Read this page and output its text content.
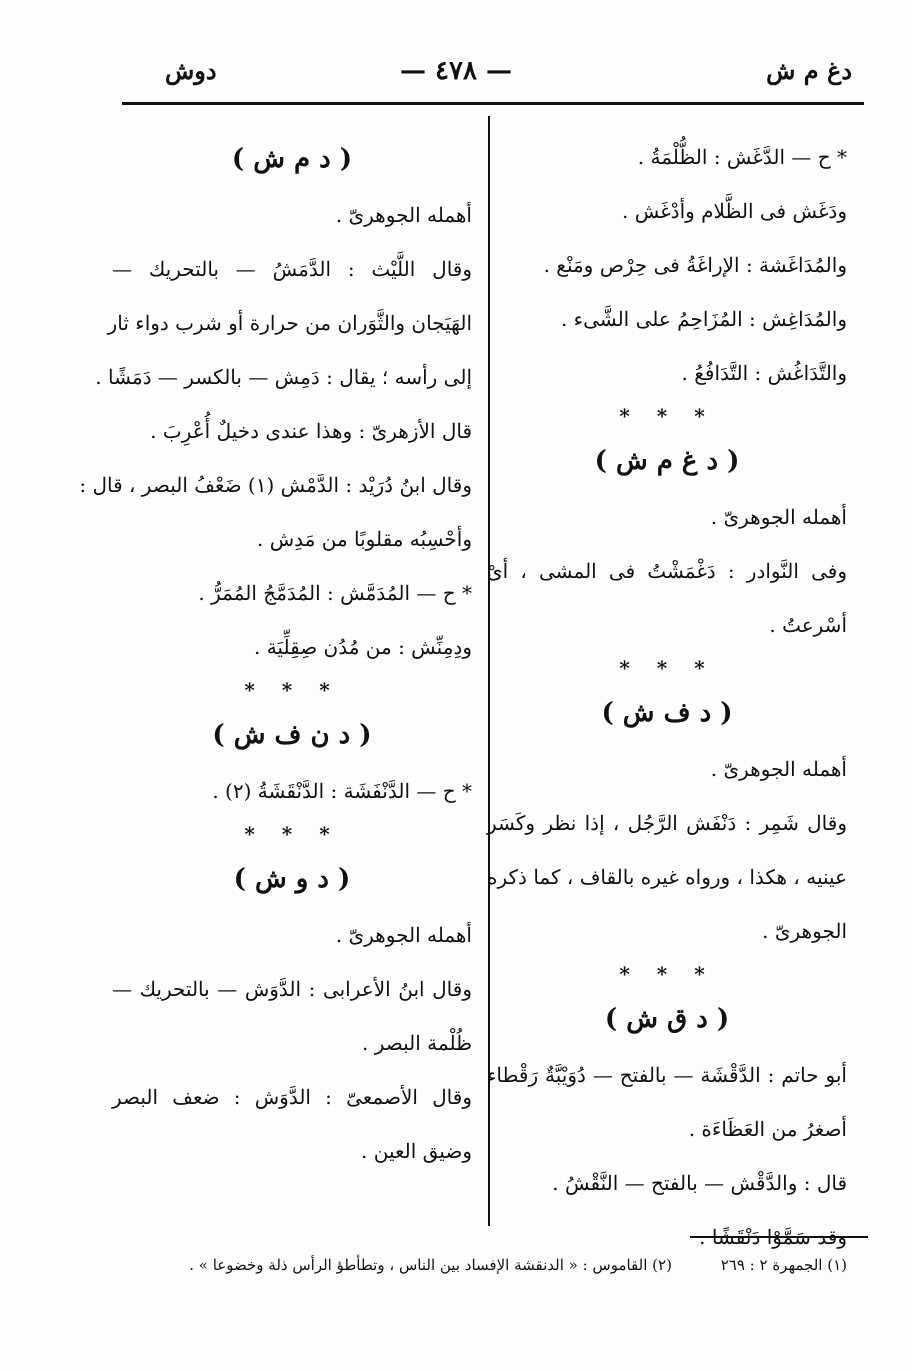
دغ م ش
— ٤٧٨ —
دوش
* ح — الدَّغَش : الظُّلْمَةُ .
ودَغَش فى الظَّلام وأدْغَش .
والمُدَاغَشة : الإراغَةُ فى حِرْص ومَنْع .
والمُدَاغِش : المُزَاحِمُ على الشَّىء .
والتَّدَاغُش : التَّدَافُعُ .
* * *
( د غ م ش )
أهمله الجوهرىّ .
وفى النَّوادر : دَغْمَشْتُ فى المشى ، أىْ
أسْرعتُ .
* * *
( د ف ش )
أهمله الجوهرىّ .
وقال شَمِر : دَنْفَش الرَّجُل ، إذا نظر وكَسَر
عينيه ، هكذا ، ورواه غيره بالقاف ، كما ذكره
الجوهرىّ .
* * *
( د ق ش )
أبو حاتم : الدَّقْشَة — بالفتح — دُوَيْبَّةٌ رَقْطاء
أصغرُ من العَظَاءَة .
قال : والدَّقْش — بالفتح — النَّقْشُ .
وقد سَمَّوْا دَنْقَشًا .
( د م ش )
أهمله الجوهرىّ .
وقال اللَّيْث : الدَّمَشُ — بالتحريك —
الهَيَجان والثَّوَران من حرارة أو شرب دواء ثار
إلى رأسه ؛ يقال : دَمِش — بالكسر — دَمَشًا .
قال الأزهرىّ : وهذا عندى دخيلٌ أُعْرِبَ .
وقال ابنُ دُرَيْد : الدَّمْش (١) ضَعْفُ البصر ، قال :
وأحْسِبُه مقلوبًا من مَدِش .
* ح — المُدَمَّش : المُدَمَّجُ المُمَرُّ .
ودِمِنِّش : من مُدُن صِقِلِّيَة .
* * *
( د ن ف ش )
* ح — الدَّنْفَشَة : الدَّنْقَشَةُ (٢) .
* * *
( د و ش )
أهمله الجوهرىّ .
وقال ابنُ الأعرابى : الدَّوَش — بالتحريك —
ظُلْمة البصر .
وقال الأصمعىّ : الدَّوَش : ضعف البصر
وضيق العين .
(١) الجمهرة ٢ : ٢٦٩ (٢) القاموس : « الدنقشة الإفساد بين الناس ، وتطأطؤ الرأس ذلة وخضوعا » .
